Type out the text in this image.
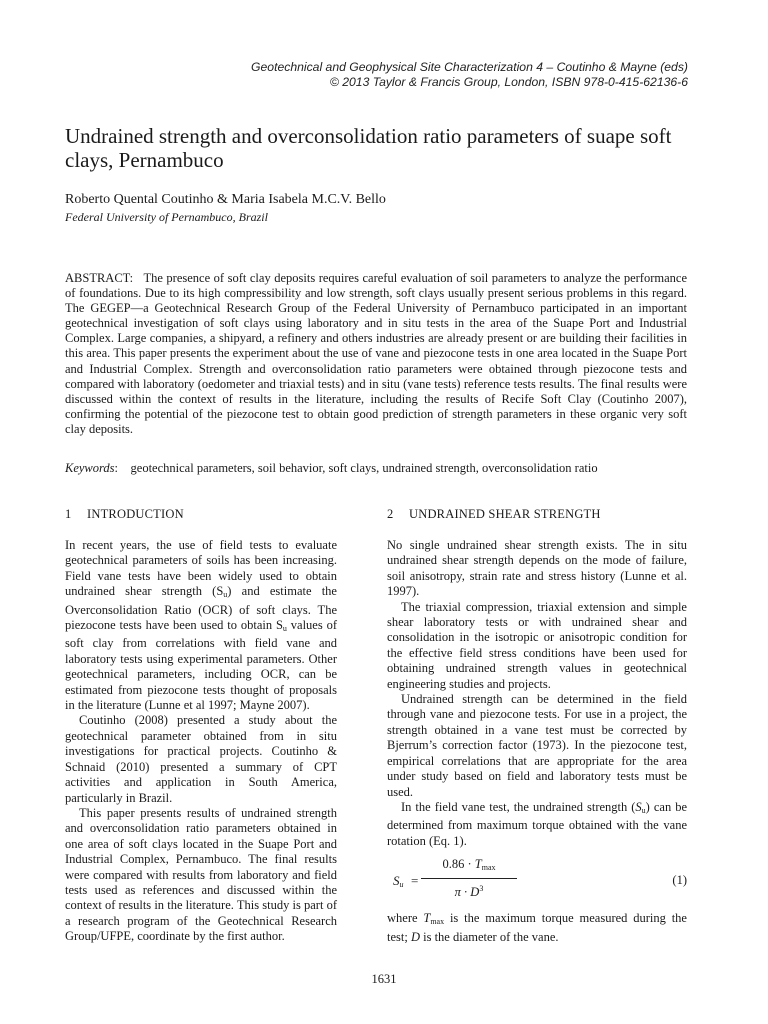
Geotechnical and Geophysical Site Characterization 4 – Coutinho & Mayne (eds)
© 2013 Taylor & Francis Group, London, ISBN 978-0-415-62136-6
Undrained strength and overconsolidation ratio parameters of suape soft clays, Pernambuco
Roberto Quental Coutinho & Maria Isabela M.C.V. Bello
Federal University of Pernambuco, Brazil

ABSTRACT: The presence of soft clay deposits requires careful evaluation of soil parameters to analyze the performance of foundations. Due to its high compressibility and low strength, soft clays usually present serious problems in this regard. The GEGEP—a Geotechnical Research Group of the Federal University of Pernambuco participated in an important geotechnical investigation of soft clays using laboratory and in situ tests in the area of the Suape Port and Industrial Complex. Large companies, a shipyard, a refinery and others industries are already present or are building their facilities in this area. This paper presents the experiment about the use of vane and piezocone tests in one area located in the Suape Port and Industrial Complex. Strength and overconsolidation ratio parameters were obtained through piezocone tests and compared with laboratory (oedometer and triaxial tests) and in situ (vane tests) reference tests results. The final results were discussed within the context of results in the literature, including the results of Recife Soft Clay (Coutinho 2007), confirming the potential of the piezocone test to obtain good prediction of strength parameters in these organic very soft clay deposits.

Keywords:    geotechnical parameters, soil behavior, soft clays, undrained strength, overconsolidation ratio
1 INTRODUCTION

In recent years, the use of field tests to evaluate geotechnical parameters of soils has been increasing. Field vane tests have been widely used to obtain undrained shear strength $(S_u)$ and estimate the Overconsolidation Ratio (OCR) of soft clays. The piezocone tests have been used to obtain $S_u$ values of soft clay from correlations with field vane and laboratory tests using experimental parameters. Other geotechnical parameters, including OCR, can be estimated from piezocone tests thought of proposals in the literature (Lunne et al 1997; Mayne 2007).

Coutinho (2008) presented a study about the geotechnical parameter obtained from in situ investigations for practical projects. Coutinho & Schnaid (2010) presented a summary of CPT activities and application in South America, particularly in Brazil.

This paper presents results of undrained strength and overconsolidation ratio parameters obtained in one area of soft clays located in the Suape Port and Industrial Complex, Pernambuco. The final results were compared with results from laboratory and field tests used as references and discussed within the context of results in the literature. This study is part of a research program of the Geotechnical Research Group/UFPE, coordinate by the first author.

2 UNDRAINED SHEAR STRENGTH

No single undrained shear strength exists. The in situ undrained shear strength depends on the mode of failure, soil anisotropy, strain rate and stress history (Lunne et al. 1997).

The triaxial compression, triaxial extension and simple shear laboratory tests or with undrained shear and consolidation in the isotropic or anisotropic condition for the effective field stress conditions have been used for obtaining undrained strength values in geotechnical engineering studies and projects.

Undrained strength can be determined in the field through vane and piezocone tests. For use in a project, the strength obtained in a vane test must be corrected by Bjerrum’s correction factor (1973). In the piezocone test, empirical correlations that are appropriate for the area under study based on field and laboratory tests must be used.

In the field vane test, the undrained strength $(S_u)$ can be determined from maximum torque obtained with the vane rotation (Eq. 1).

$S_u$ =
$0.86 \cdot T_{max}$
$\pi \cdot D^3$
(1)

where $T_{max}$ is the maximum torque measured during the test; D is the diameter of the vane.

1631
